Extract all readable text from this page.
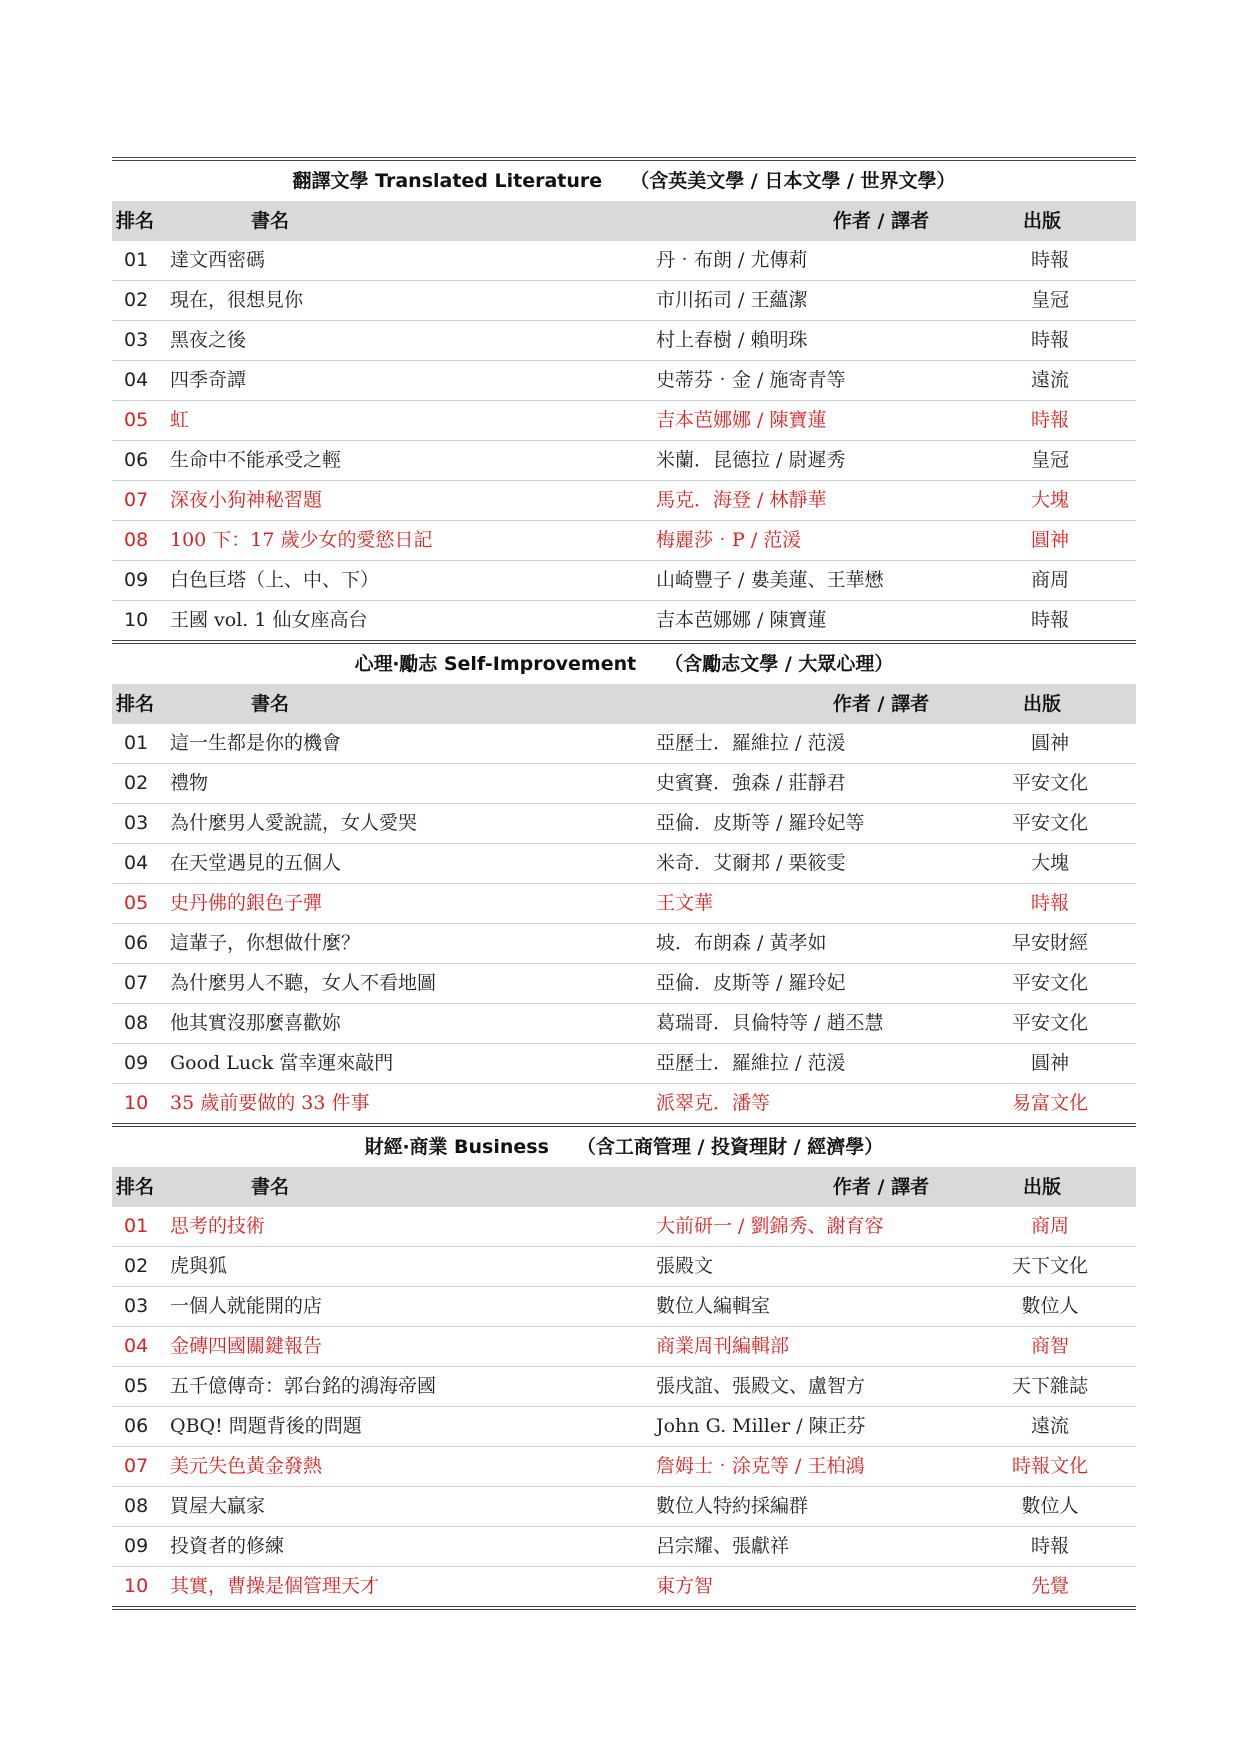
翻譯文學 Translated Literature （含英美文學 / 日本文學 / 世界文學）
排名	書名	作者 / 譯者	出版
01	達文西密碼	丹‧布朗 / 尤傳莉	時報
02	現在，很想見你	市川拓司 / 王蘊潔	皇冠
03	黑夜之後	村上春樹 / 賴明珠	時報
04	四季奇譚	史蒂芬‧金 / 施寄青等	遠流
05	虹	吉本芭娜娜 / 陳寶蓮	時報
06	生命中不能承受之輕	米蘭．昆德拉 / 尉遲秀	皇冠
07	深夜小狗神秘習題	馬克．海登 / 林靜華	大塊
08	100 下：17 歲少女的愛慾日記	梅麗莎‧P / 范湲	圓神
09	白色巨塔（上、中、下）	山崎豐子 / 婁美蓮、王華懋	商周
10	王國 vol. 1 仙女座高台	吉本芭娜娜 / 陳寶蓮	時報
心理‧勵志 Self-Improvement （含勵志文學 / 大眾心理）
排名	書名	作者 / 譯者	出版
01	這一生都是你的機會	亞歷士．羅維拉 / 范湲	圓神
02	禮物	史賓賽．強森 / 莊靜君	平安文化
03	為什麼男人愛說謊，女人愛哭	亞倫．皮斯等 / 羅玲妃等	平安文化
04	在天堂遇見的五個人	米奇．艾爾邦 / 栗筱雯	大塊
05	史丹佛的銀色子彈	王文華	時報
06	這輩子，你想做什麼？	坡．布朗森 / 黃孝如	早安財經
07	為什麼男人不聽，女人不看地圖	亞倫．皮斯等 / 羅玲妃	平安文化
08	他其實沒那麼喜歡妳	葛瑞哥．貝倫特等 / 趙丕慧	平安文化
09	Good Luck 當幸運來敲門	亞歷士．羅維拉 / 范湲	圓神
10	35 歲前要做的 33 件事	派翠克．潘等	易富文化
財經‧商業 Business （含工商管理 / 投資理財 / 經濟學）
排名	書名	作者 / 譯者	出版
01	思考的技術	大前研一 / 劉錦秀、謝育容	商周
02	虎與狐	張殿文	天下文化
03	一個人就能開的店	數位人編輯室	數位人
04	金磚四國關鍵報告	商業周刊編輯部	商智
05	五千億傳奇：郭台銘的鴻海帝國	張戌誼、張殿文、盧智方	天下雜誌
06	QBQ! 問題背後的問題	John G. Miller / 陳正芬	遠流
07	美元失色黃金發熱	詹姆士‧涂克等 / 王柏鴻	時報文化
08	買屋大贏家	數位人特約採編群	數位人
09	投資者的修練	呂宗耀、張獻祥	時報
10	其實，曹操是個管理天才	東方智	先覺
